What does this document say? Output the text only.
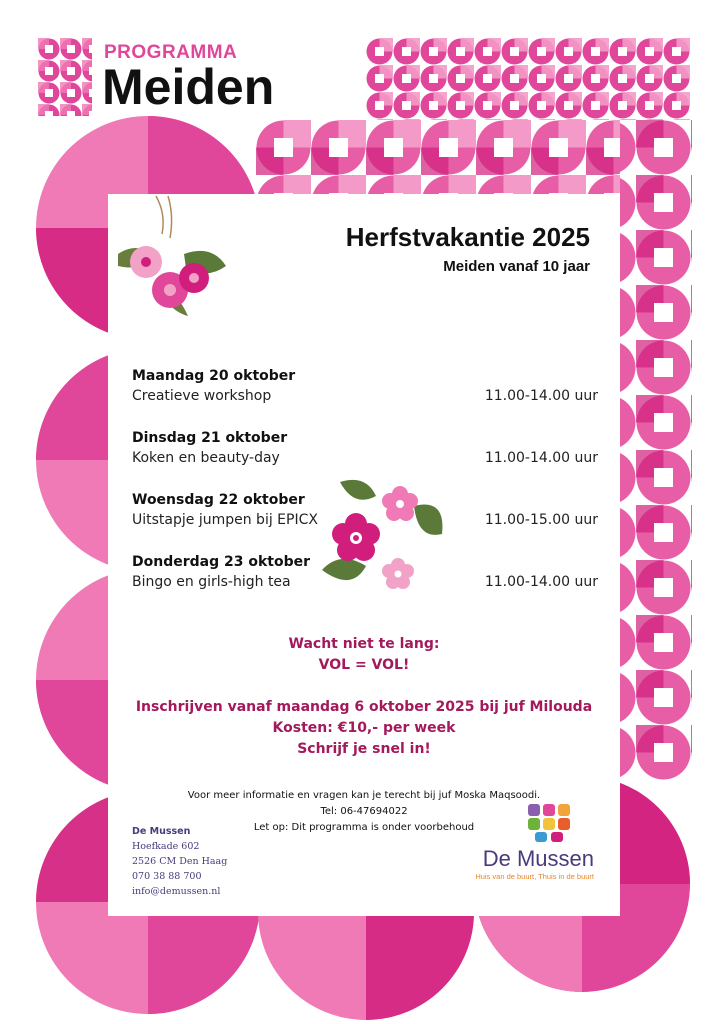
PROGRAMMA
Meiden
Herfstvakantie 2025
Meiden vanaf 10 jaar
Maandag 20 oktober
Creatieve workshop	11.00-14.00 uur
Dinsdag 21 oktober
Koken en beauty-day	11.00-14.00 uur
Woensdag 22 oktober
Uitstapje jumpen bij EPICX	11.00-15.00 uur
Donderdag 23 oktober
Bingo en girls-high tea	11.00-14.00 uur
Wacht niet te lang:
VOL = VOL!
Inschrijven vanaf maandag 6 oktober 2025 bij juf Milouda
Kosten: €10,- per week
Schrijf je snel in!
Voor meer informatie en vragen kan je terecht bij juf Moska Maqsoodi.
Tel: 06-47694022
Let op: Dit programma is onder voorbehoud
De Mussen
Hoefkade 602
2526 CM Den Haag
070 38 88 700
info@demussen.nl
De Mussen
Huis van de buurt, Thuis in de buurt
